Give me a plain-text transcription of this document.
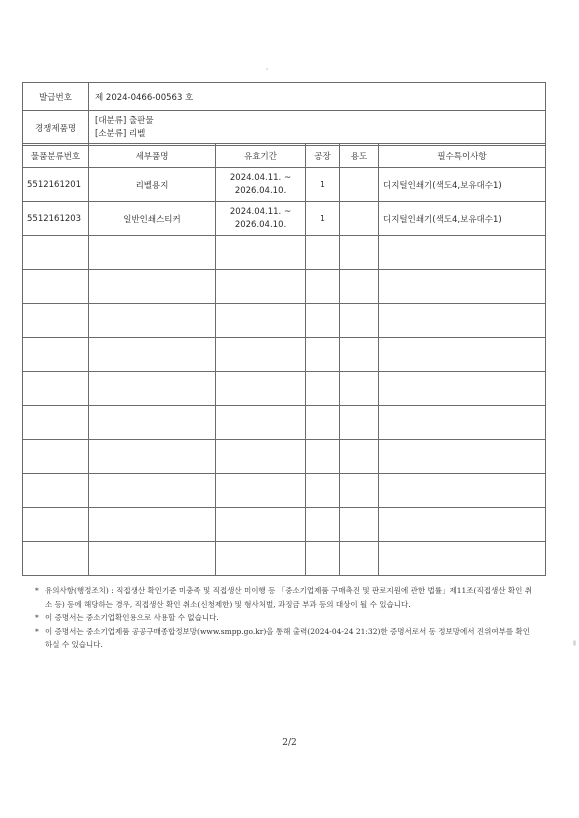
발급번호	제 2024-0466-00563 호
경쟁제품명	[대분류] 출판물
[소분류] 리벨
물품분류번호	세부품명	유효기간	공장	용도	필수특이사항
5512161201	리벨용지	2024.04.11. ~
2026.04.10.	1		디지털인쇄기(색도4,보유대수1)
5512161203	일반인쇄스티커	2024.04.11. ~
2026.04.10.	1		디지털인쇄기(색도4,보유대수1)

* 유의사항(행정조치) : 직접생산 확인기준 미충족 및 직접생산 미이행 등 「중소기업제품 구매촉진 및 판로지원에 관한 법률」제11조(직접생산 확인 취소 등) 등에 해당하는 경우, 직접생산 확인 취소(신청제한) 및 형사처벌, 과징금 부과 등의 대상이 될 수 있습니다.
* 이 증명서는 중소기업확인용으로 사용할 수 없습니다.
* 이 증명서는 중소기업제품 공공구매종합정보망(www.smpp.go.kr)을 통해 출력(2024-04-24 21:32)한 증명서로서 동 정보망에서 진위여부를 확인하실 수 있습니다.
2/2
